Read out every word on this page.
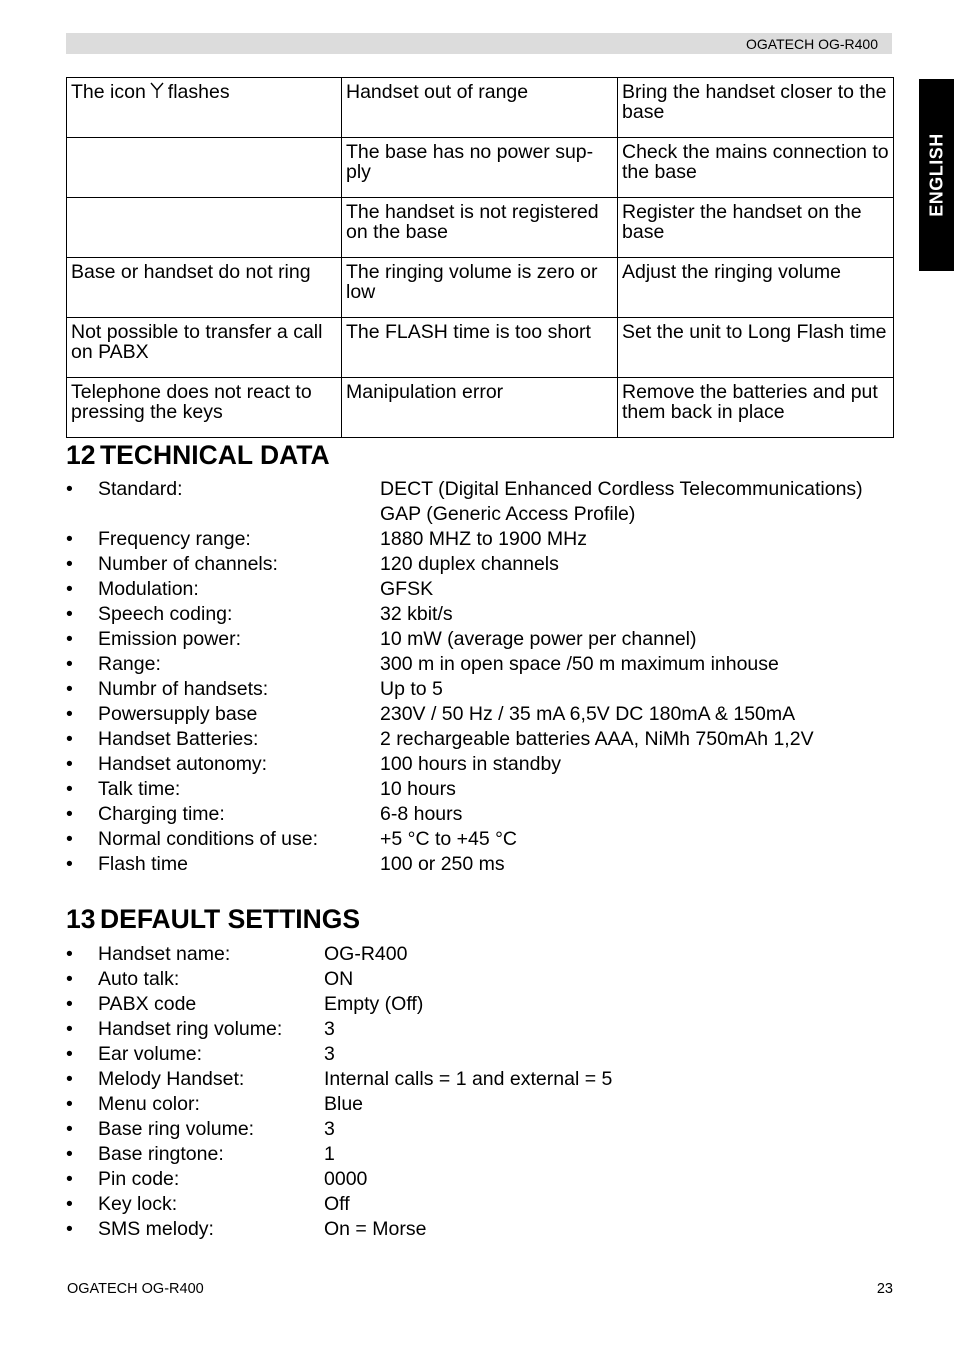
OGATECH OG-R400
ENGLISH
The icon flashes	Handset out of range	Bring the handset closer to the base
	The base has no power sup-ply	Check the mains connection to the base
	The handset is not registered on the base	Register the handset on the base
Base or handset do not ring	The ringing volume is zero or low	Adjust the ringing volume
Not possible to transfer a call on PABX	The FLASH time is too short	Set the unit to Long Flash time
Telephone does not react to pressing the keys	Manipulation error	Remove the batteries and put them back in place
12 TECHNICAL DATA
• Standard:	DECT (Digital Enhanced Cordless Telecommunications)
GAP (Generic Access Profile)
• Frequency range:	1880 MHZ to 1900 MHz
• Number of channels:	120 duplex channels
• Modulation:	GFSK
• Speech coding:	32 kbit/s
• Emission power:	10 mW (average power per channel)
• Range:	300 m in open space /50 m maximum inhouse
• Numbr of handsets:	Up to 5
• Powersupply base	230V / 50 Hz / 35 mA 6,5V DC 180mA & 150mA
• Handset Batteries:	2 rechargeable batteries AAA, NiMh 750mAh 1,2V
• Handset autonomy:	100 hours in standby
• Talk time:	10 hours
• Charging time:	6-8 hours
• Normal conditions of use:	+5 °C to +45 °C
• Flash time	100 or 250 ms
13 DEFAULT SETTINGS
• Handset name:	OG-R400
• Auto talk:	ON
• PABX code	Empty (Off)
• Handset ring volume: 3
• Ear volume:	3
• Melody Handset:	Internal calls = 1 and external = 5
• Menu color:	Blue
• Base ring volume:	3
• Base ringtone:	1
• Pin code:	0000
• Key lock:	Off
• SMS melody:	On = Morse
OGATECH OG-R400	23
